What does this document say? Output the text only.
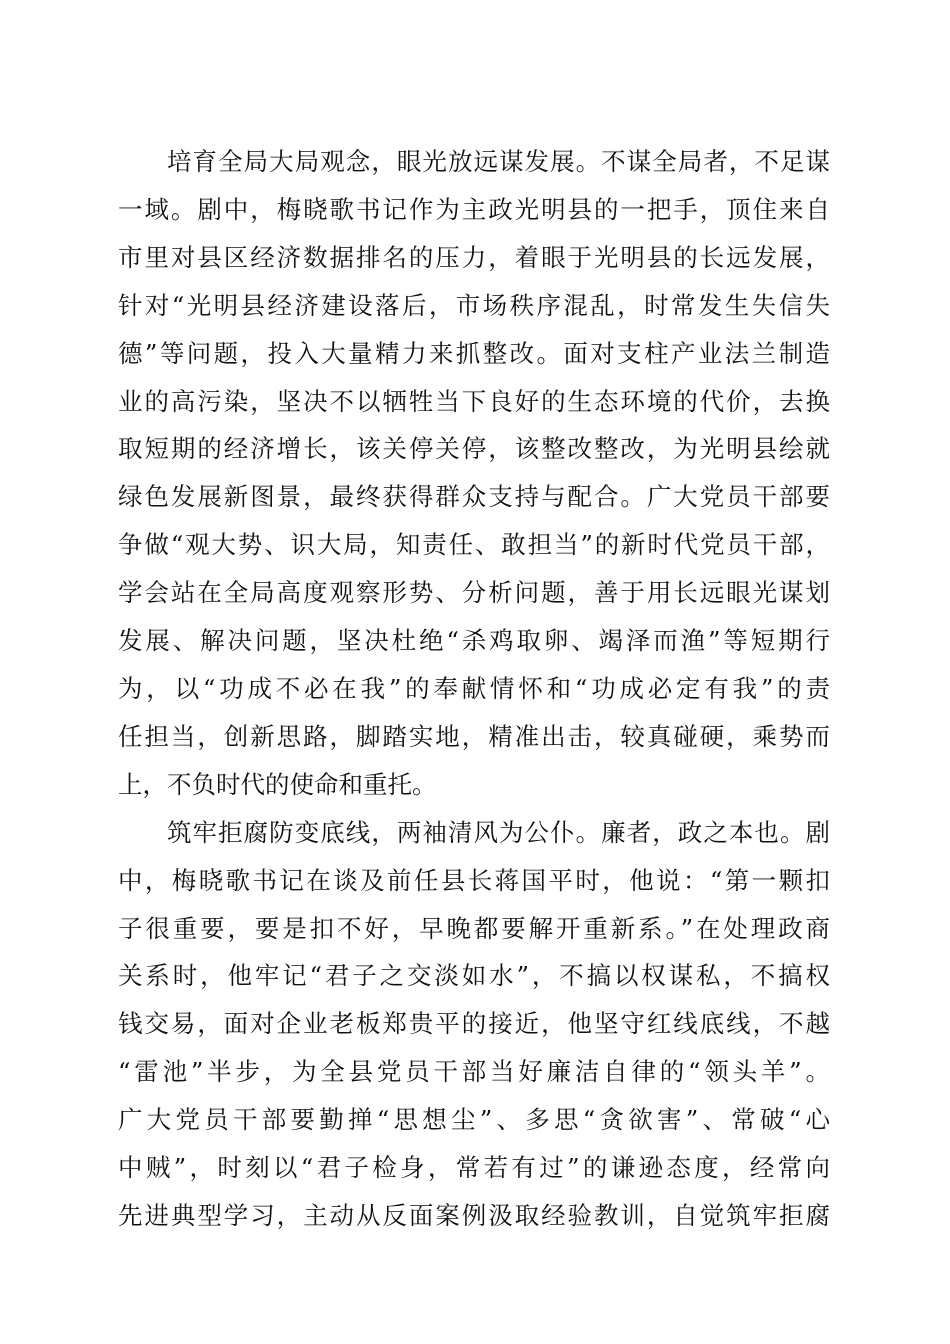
培育全局大局观念，眼光放远谋发展。不谋全局者，不足谋
一域。剧中，梅晓歌书记作为主政光明县的一把手，顶住来自
市里对县区经济数据排名的压力，着眼于光明县的长远发展，
针对“光明县经济建设落后，市场秩序混乱，时常发生失信失
德”等问题，投入大量精力来抓整改。面对支柱产业法兰制造
业的高污染，坚决不以牺牲当下良好的生态环境的代价，去换
取短期的经济增长，该关停关停，该整改整改，为光明县绘就
绿色发展新图景，最终获得群众支持与配合。广大党员干部要
争做“观大势、识大局，知责任、敢担当”的新时代党员干部，
学会站在全局高度观察形势、分析问题，善于用长远眼光谋划
发展、解决问题，坚决杜绝“杀鸡取卵、竭泽而渔”等短期行
为，以“功成不必在我”的奉献情怀和“功成必定有我”的责
任担当，创新思路，脚踏实地，精准出击，较真碰硬，乘势而
上，不负时代的使命和重托。

筑牢拒腐防变底线，两袖清风为公仆。廉者，政之本也。剧
中，梅晓歌书记在谈及前任县长蒋国平时，他说：“第一颗扣
子很重要，要是扣不好，早晚都要解开重新系。”在处理政商
关系时，他牢记“君子之交淡如水”，不搞以权谋私，不搞权
钱交易，面对企业老板郑贵平的接近，他坚守红线底线，不越
“雷池”半步，为全县党员干部当好廉洁自律的“领头羊”。
广大党员干部要勤掸“思想尘”、多思“贪欲害”、常破“心
中贼”，时刻以“君子检身，常若有过”的谦逊态度，经常向
先进典型学习，主动从反面案例汲取经验教训，自觉筑牢拒腐
